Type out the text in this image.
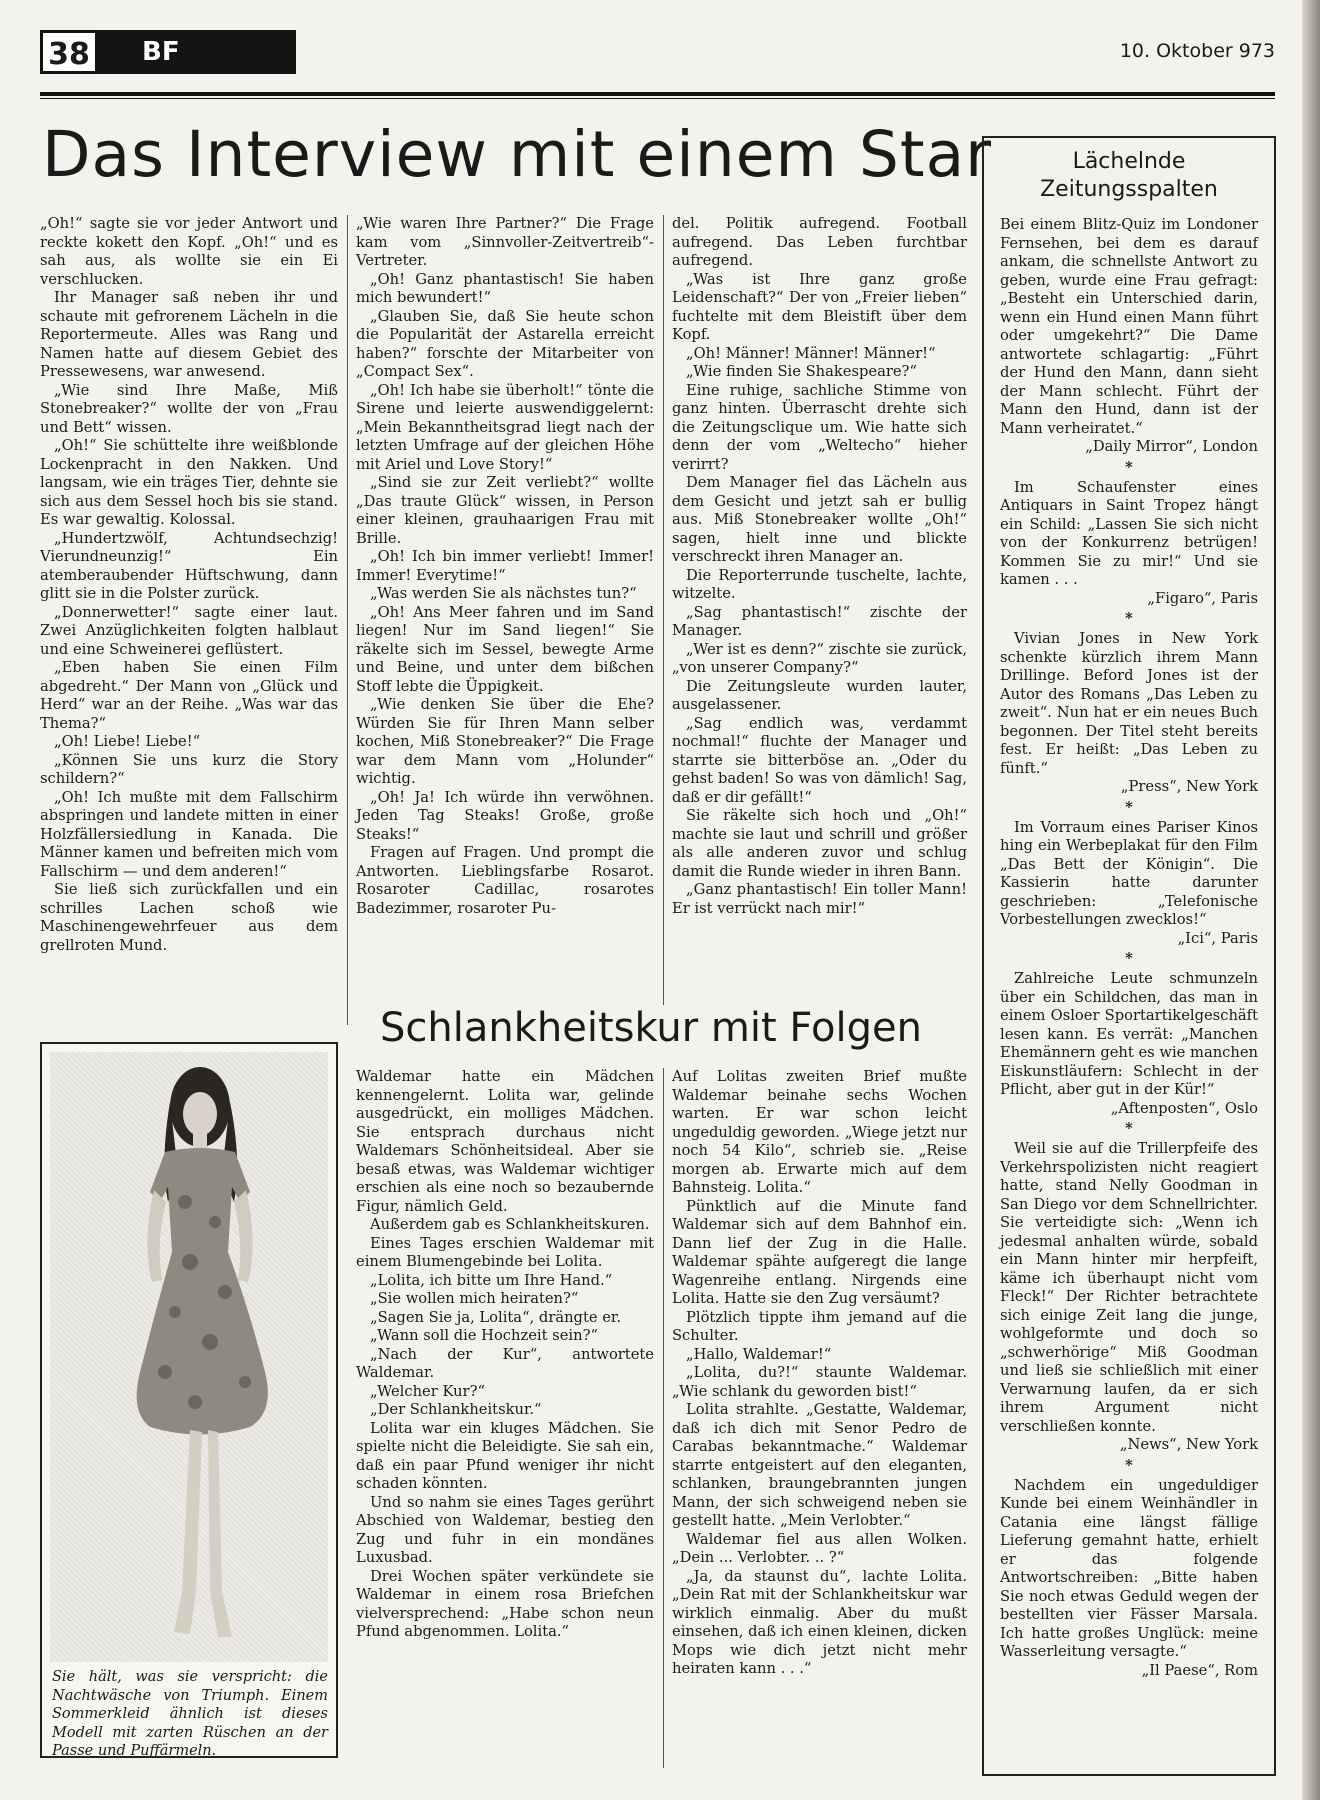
38	BF	10. Oktober 973
Das Interview mit einem Star

„Oh!“ sagte sie vor jeder Antwort und reckte kokett den Kopf. „Oh!“ und es sah aus, als wollte sie ein Ei verschlucken.

Ihr Manager saß neben ihr und schaute mit gefrorenem Lächeln in die Reportermeute. Alles was Rang und Namen hatte auf diesem Gebiet des Pressewesens, war anwesend.

„Wie sind Ihre Maße, Miß Stonebreaker?“ wollte der von „Frau und Bett“ wissen.

„Oh!“ Sie schüttelte ihre weißblonde Lockenpracht in den Nakken. Und langsam, wie ein träges Tier, dehnte sie sich aus dem Sessel hoch bis sie stand. Es war gewaltig. Kolossal.

„Hundertzwölf, Achtundsechzig! Vierundneunzig!“ Ein atemberaubender Hüftschwung, dann glitt sie in die Polster zurück.

„Donnerwetter!“ sagte einer laut. Zwei Anzüglichkeiten folgten halblaut und eine Schweinerei geflüstert.

„Eben haben Sie einen Film abgedreht.“ Der Mann von „Glück und Herd“ war an der Reihe. „Was war das Thema?“

„Oh! Liebe! Liebe!“

„Können Sie uns kurz die Story schildern?“

„Oh! Ich mußte mit dem Fallschirm abspringen und landete mitten in einer Holzfällersiedlung in Kanada. Die Männer kamen und befreiten mich vom Fallschirm — und dem anderen!“

Sie ließ sich zurückfallen und ein schrilles Lachen schoß wie Maschinengewehrfeuer aus dem grellroten Mund.

„Wie waren Ihre Partner?“ Die Frage kam vom „Sinnvoller-Zeitvertreib“-Vertreter.

„Oh! Ganz phantastisch! Sie haben mich bewundert!“

„Glauben Sie, daß Sie heute schon die Popularität der Astarella erreicht haben?“ forschte der Mitarbeiter von „Compact Sex“.

„Oh! Ich habe sie überholt!“ tönte die Sirene und leierte auswendiggelernt: „Mein Bekanntheitsgrad liegt nach der letzten Umfrage auf der gleichen Höhe mit Ariel und Love Story!“

„Sind sie zur Zeit verliebt?“ wollte „Das traute Glück“ wissen, in Person einer kleinen, grauhaarigen Frau mit Brille.

„Oh! Ich bin immer verliebt! Immer! Immer! Everytime!“

„Was werden Sie als nächstes tun?“

„Oh! Ans Meer fahren und im Sand liegen! Nur im Sand liegen!“ Sie räkelte sich im Sessel, bewegte Arme und Beine, und unter dem bißchen Stoff lebte die Üppigkeit.

„Wie denken Sie über die Ehe? Würden Sie für Ihren Mann selber kochen, Miß Stonebreaker?“ Die Frage war dem Mann vom „Holunder“ wichtig.

„Oh! Ja! Ich würde ihn verwöhnen. Jeden Tag Steaks! Große, große Steaks!“

Fragen auf Fragen. Und prompt die Antworten. Lieblingsfarbe Rosarot. Rosaroter Cadillac, rosarotes Badezimmer, rosaroter Pu-

del. Politik aufregend. Football aufregend. Das Leben furchtbar aufregend.

„Was ist Ihre ganz große Leidenschaft?“ Der von „Freier lieben“ fuchtelte mit dem Bleistift über dem Kopf.

„Oh! Männer! Männer! Männer!“

„Wie finden Sie Shakespeare?“

Eine ruhige, sachliche Stimme von ganz hinten. Überrascht drehte sich die Zeitungsclique um. Wie hatte sich denn der vom „Weltecho“ hieher verirrt?

Dem Manager fiel das Lächeln aus dem Gesicht und jetzt sah er bullig aus. Miß Stonebreaker wollte „Oh!“ sagen, hielt inne und blickte verschreckt ihren Manager an.

Die Reporterrunde tuschelte, lachte, witzelte.

„Sag phantastisch!“ zischte der Manager.

„Wer ist es denn?“ zischte sie zurück, „von unserer Company?“

Die Zeitungsleute wurden lauter, ausgelassener.

„Sag endlich was, verdammt nochmal!“ fluchte der Manager und starrte sie bitterböse an. „Oder du gehst baden! So was von dämlich! Sag, daß er dir gefällt!“

Sie räkelte sich hoch und „Oh!“ machte sie laut und schrill und größer als alle anderen zuvor und schlug damit die Runde wieder in ihren Bann.

„Ganz phantastisch! Ein toller Mann! Er ist verrückt nach mir!“

Sie hält, was sie verspricht: die Nachtwäsche von Triumph. Einem Sommerkleid ähnlich ist dieses Modell mit zarten Rüschen an der Passe und Puffärmeln.
Schlankheitskur mit Folgen

Waldemar hatte ein Mädchen kennengelernt. Lolita war, gelinde ausgedrückt, ein molliges Mädchen. Sie entsprach durchaus nicht Waldemars Schönheitsideal. Aber sie besaß etwas, was Waldemar wichtiger erschien als eine noch so bezaubernde Figur, nämlich Geld.

Außerdem gab es Schlankheitskuren.

Eines Tages erschien Waldemar mit einem Blumengebinde bei Lolita.

„Lolita, ich bitte um Ihre Hand.“

„Sie wollen mich heiraten?“

„Sagen Sie ja, Lolita“, drängte er.

„Wann soll die Hochzeit sein?“

„Nach der Kur“, antwortete Waldemar.

„Welcher Kur?“

„Der Schlankheitskur.“

Lolita war ein kluges Mädchen. Sie spielte nicht die Beleidigte. Sie sah ein, daß ein paar Pfund weniger ihr nicht schaden könnten.

Und so nahm sie eines Tages gerührt Abschied von Waldemar, bestieg den Zug und fuhr in ein mondänes Luxusbad.

Drei Wochen später verkündete sie Waldemar in einem rosa Briefchen vielversprechend: „Habe schon neun Pfund abgenommen. Lolita.“

Auf Lolitas zweiten Brief mußte Waldemar beinahe sechs Wochen warten. Er war schon leicht ungeduldig geworden. „Wiege jetzt nur noch 54 Kilo“, schrieb sie. „Reise morgen ab. Erwarte mich auf dem Bahnsteig. Lolita.“

Pünktlich auf die Minute fand Waldemar sich auf dem Bahnhof ein. Dann lief der Zug in die Halle. Waldemar spähte aufgeregt die lange Wagenreihe entlang. Nirgends eine Lolita. Hatte sie den Zug versäumt?

Plötzlich tippte ihm jemand auf die Schulter.

„Hallo, Waldemar!“

„Lolita, du?!“ staunte Waldemar. „Wie schlank du geworden bist!“

Lolita strahlte. „Gestatte, Waldemar, daß ich dich mit Senor Pedro de Carabas bekanntmache.“ Waldemar starrte entgeistert auf den eleganten, schlanken, braungebrannten jungen Mann, der sich schweigend neben sie gestellt hatte. „Mein Verlobter.“

Waldemar fiel aus allen Wolken. „Dein ... Verlobter. .. ?“

„Ja, da staunst du“, lachte Lolita. „Dein Rat mit der Schlankheitskur war wirklich einmalig. Aber du mußt einsehen, daß ich einen kleinen, dicken Mops wie dich jetzt nicht mehr heiraten kann . . .“

Lächelnde
Zeitungsspalten

Bei einem Blitz-Quiz im Londoner Fernsehen, bei dem es darauf ankam, die schnellste Antwort zu geben, wurde eine Frau gefragt: „Besteht ein Unterschied darin, wenn ein Hund einen Mann führt oder umgekehrt?“ Die Dame antwortete schlagartig: „Führt der Hund den Mann, dann sieht der Mann schlecht. Führt der Mann den Hund, dann ist der Mann verheiratet.“

„Daily Mirror“, London

*

Im Schaufenster eines Antiquars in Saint Tropez hängt ein Schild: „Lassen Sie sich nicht von der Konkurrenz betrügen! Kommen Sie zu mir!“ Und sie kamen . . .

„Figaro“, Paris

*

Vivian Jones in New York schenkte kürzlich ihrem Mann Drillinge. Beford Jones ist der Autor des Romans „Das Leben zu zweit“. Nun hat er ein neues Buch begonnen. Der Titel steht bereits fest. Er heißt: „Das Leben zu fünft.“

„Press“, New York

*

Im Vorraum eines Pariser Kinos hing ein Werbeplakat für den Film „Das Bett der Königin“. Die Kassierin hatte darunter geschrieben: „Telefonische Vorbestellungen zwecklos!“

„Ici“, Paris

*

Zahlreiche Leute schmunzeln über ein Schildchen, das man in einem Osloer Sportartikelgeschäft lesen kann. Es verrät: „Manchen Ehemännern geht es wie manchen Eiskunstläufern: Schlecht in der Pflicht, aber gut in der Kür!“

„Aftenposten“, Oslo

*

Weil sie auf die Trillerpfeife des Verkehrspolizisten nicht reagiert hatte, stand Nelly Goodman in San Diego vor dem Schnellrichter. Sie verteidigte sich: „Wenn ich jedesmal anhalten würde, sobald ein Mann hinter mir herpfeift, käme ich überhaupt nicht vom Fleck!“ Der Richter betrachtete sich einige Zeit lang die junge, wohlgeformte und doch so „schwerhörige“ Miß Goodman und ließ sie schließlich mit einer Verwarnung laufen, da er sich ihrem Argument nicht verschließen konnte.

„News“, New York

*

Nachdem ein ungeduldiger Kunde bei einem Weinhändler in Catania eine längst fällige Lieferung gemahnt hatte, erhielt er das folgende Antwortschreiben: „Bitte haben Sie noch etwas Geduld wegen der bestellten vier Fässer Marsala. Ich hatte großes Unglück: meine Wasserleitung versagte.“

„Il Paese“, Rom
